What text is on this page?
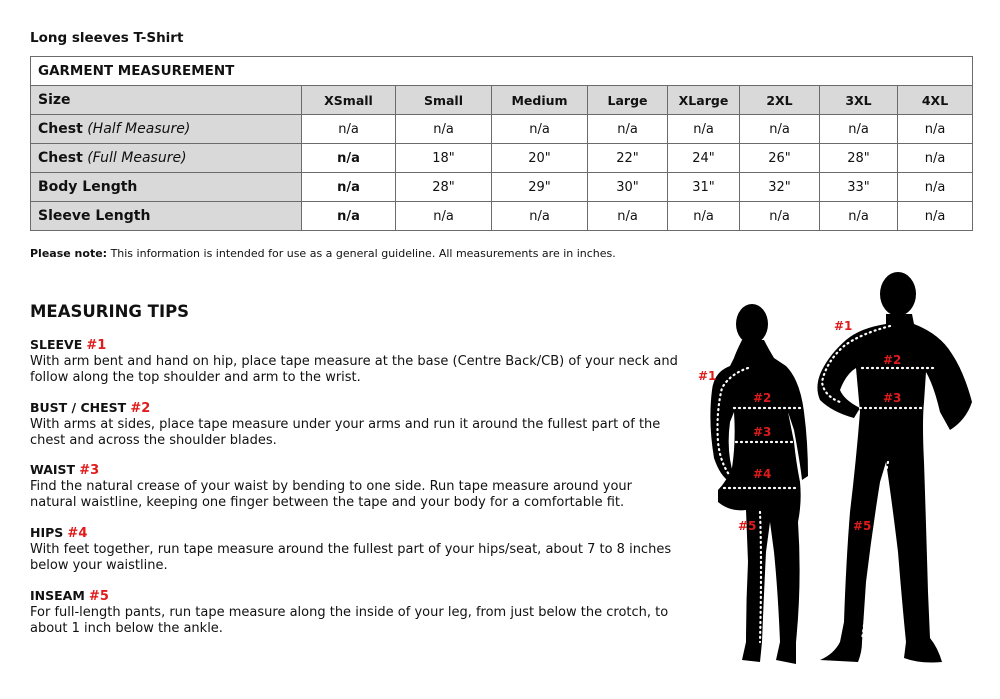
Long sleeves T-Shirt
GARMENT MEASUREMENT								
Size	XSmall	Small	Medium	Large	XLarge	2XL	3XL	4XL
Chest (Half Measure)	n/a	n/a	n/a	n/a	n/a	n/a	n/a	n/a
Chest (Full Measure)	n/a	18"	20"	22"	24"	26"	28"	n/a
Body Length	n/a	28"	29"	30"	31"	32"	33"	n/a
Sleeve Length	n/a	n/a	n/a	n/a	n/a	n/a	n/a	n/a
Please note: This information is intended for use as a general guideline. All measurements are in inches.
MEASURING TIPS
SLEEVE #1
With arm bent and hand on hip, place tape measure at the base (Centre Back/CB) of your neck and follow along the top shoulder and arm to the wrist.
BUST / CHEST #2
With arms at sides, place tape measure under your arms and run it around the fullest part of the chest and across the shoulder blades.
WAIST #3
Find the natural crease of your waist by bending to one side. Run tape measure around your natural waistline, keeping one finger between the tape and your body for a comfortable fit.
HIPS #4
With feet together, run tape measure around the fullest part of your hips/seat, about 7 to 8 inches below your waistline.
INSEAM #5
For full-length pants, run tape measure along the inside of your leg, from just below the crotch, to about 1 inch below the ankle.
#1
#2
#3
#4
#5
#1
#2
#3
#5
